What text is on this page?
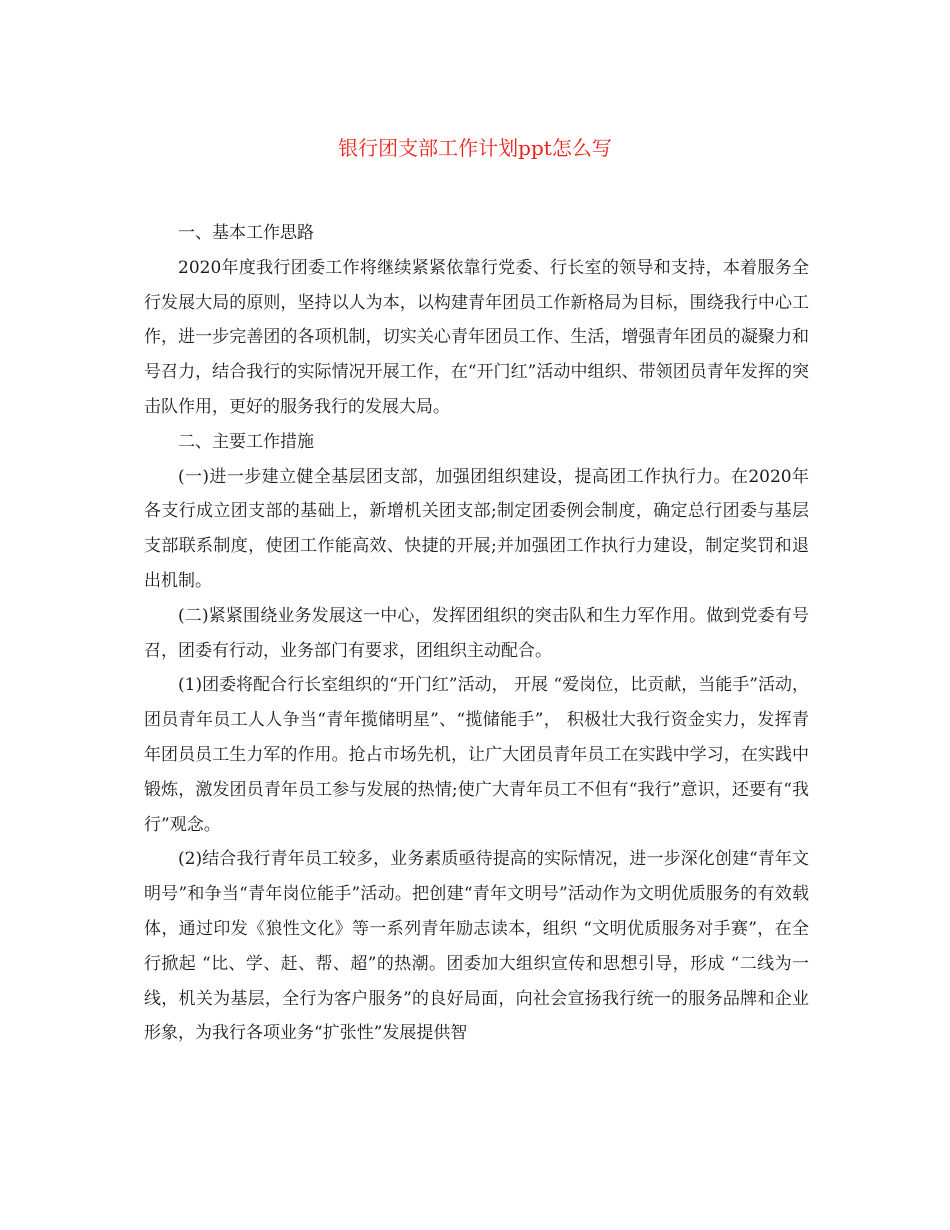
银行团支部工作计划ppt怎么写

一、基本工作思路

2020年度我行团委工作将继续紧紧依靠行党委、行长室的领导和支持，本着服务全行发展大局的原则，坚持以人为本，以构建青年团员工作新格局为目标，围绕我行中心工作，进一步完善团的各项机制，切实关心青年团员工作、生活，增强青年团员的凝聚力和号召力，结合我行的实际情况开展工作，在“开门红”活动中组织、带领团员青年发挥的突击队作用，更好的服务我行的发展大局。

二、主要工作措施

(一)进一步建立健全基层团支部，加强团组织建设，提高团工作执行力。在2020年各支行成立团支部的基础上，新增机关团支部;制定团委例会制度，确定总行团委与基层支部联系制度，使团工作能高效、快捷的开展;并加强团工作执行力建设，制定奖罚和退出机制。

(二)紧紧围绕业务发展这一中心，发挥团组织的突击队和生力军作用。做到党委有号召，团委有行动，业务部门有要求，团组织主动配合。

(1)团委将配合行长室组织的“开门红”活动， 开展 “爱岗位，比贡献，当能手”活动，团员青年员工人人争当“青年揽储明星”、“揽储能手”， 积极壮大我行资金实力，发挥青年团员员工生力军的作用。抢占市场先机，让广大团员青年员工在实践中学习，在实践中锻炼，激发团员青年员工参与发展的热情;使广大青年员工不但有“我行”意识，还要有“我行”观念。

(2)结合我行青年员工较多，业务素质亟待提高的实际情况，进一步深化创建“青年文明号”和争当“青年岗位能手”活动。把创建“青年文明号”活动作为文明优质服务的有效载体，通过印发《狼性文化》等一系列青年励志读本，组织 “文明优质服务对手赛”，在全行掀起 “比、学、赶、帮、超”的热潮。团委加大组织宣传和思想引导，形成 “二线为一线，机关为基层，全行为客户服务”的良好局面，向社会宣扬我行统一的服务品牌和企业形象，为我行各项业务“扩张性”发展提供智
